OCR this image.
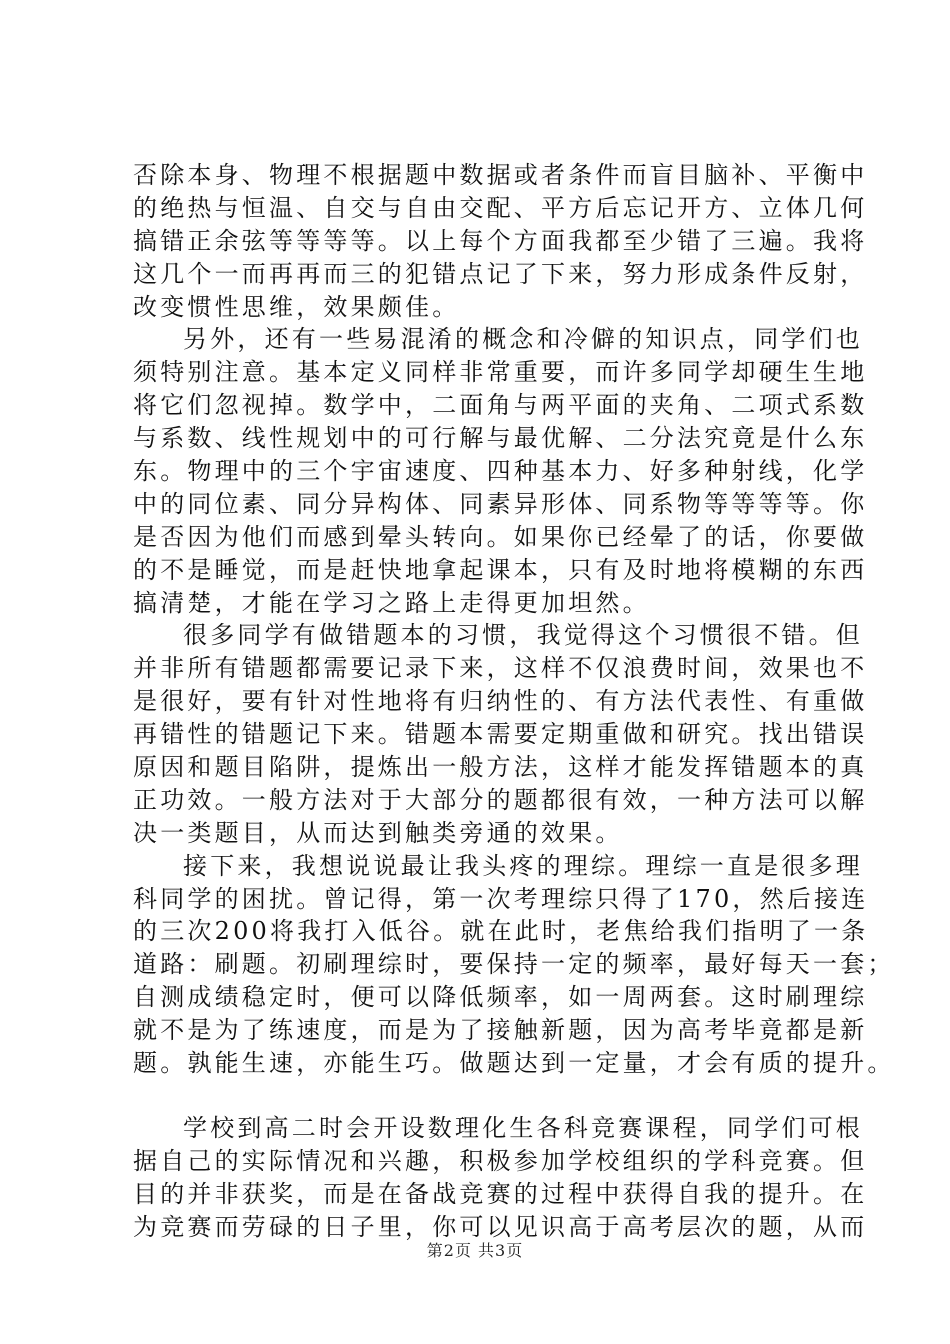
否除本身、物理不根据题中数据或者条件而盲目脑补、平衡中
的绝热与恒温、自交与自由交配、平方后忘记开方、立体几何
搞错正余弦等等等等。以上每个方面我都至少错了三遍。我将
这几个一而再再而三的犯错点记了下来，努力形成条件反射，
改变惯性思维，效果颇佳。
另外，还有一些易混淆的概念和冷僻的知识点，同学们也
须特别注意。基本定义同样非常重要，而许多同学却硬生生地
将它们忽视掉。数学中，二面角与两平面的夹角、二项式系数
与系数、线性规划中的可行解与最优解、二分法究竟是什么东
东。物理中的三个宇宙速度、四种基本力、好多种射线，化学
中的同位素、同分异构体、同素异形体、同系物等等等等。你
是否因为他们而感到晕头转向。如果你已经晕了的话，你要做
的不是睡觉，而是赶快地拿起课本，只有及时地将模糊的东西
搞清楚，才能在学习之路上走得更加坦然。
很多同学有做错题本的习惯，我觉得这个习惯很不错。但
并非所有错题都需要记录下来，这样不仅浪费时间，效果也不
是很好，要有针对性地将有归纳性的、有方法代表性、有重做
再错性的错题记下来。错题本需要定期重做和研究。找出错误
原因和题目陷阱，提炼出一般方法，这样才能发挥错题本的真
正功效。一般方法对于大部分的题都很有效，一种方法可以解
决一类题目，从而达到触类旁通的效果。
接下来，我想说说最让我头疼的理综。理综一直是很多理
科同学的困扰。曾记得，第一次考理综只得了170，然后接连
的三次200将我打入低谷。就在此时，老焦给我们指明了一条
道路：刷题。初刷理综时，要保持一定的频率，最好每天一套；
自测成绩稳定时，便可以降低频率，如一周两套。这时刷理综
就不是为了练速度，而是为了接触新题，因为高考毕竟都是新
题。孰能生速，亦能生巧。做题达到一定量，才会有质的提升。
学校到高二时会开设数理化生各科竞赛课程，同学们可根
据自己的实际情况和兴趣，积极参加学校组织的学科竞赛。但
目的并非获奖，而是在备战竞赛的过程中获得自我的提升。在
为竞赛而劳碌的日子里，你可以见识高于高考层次的题，从而
第2页 共3页
